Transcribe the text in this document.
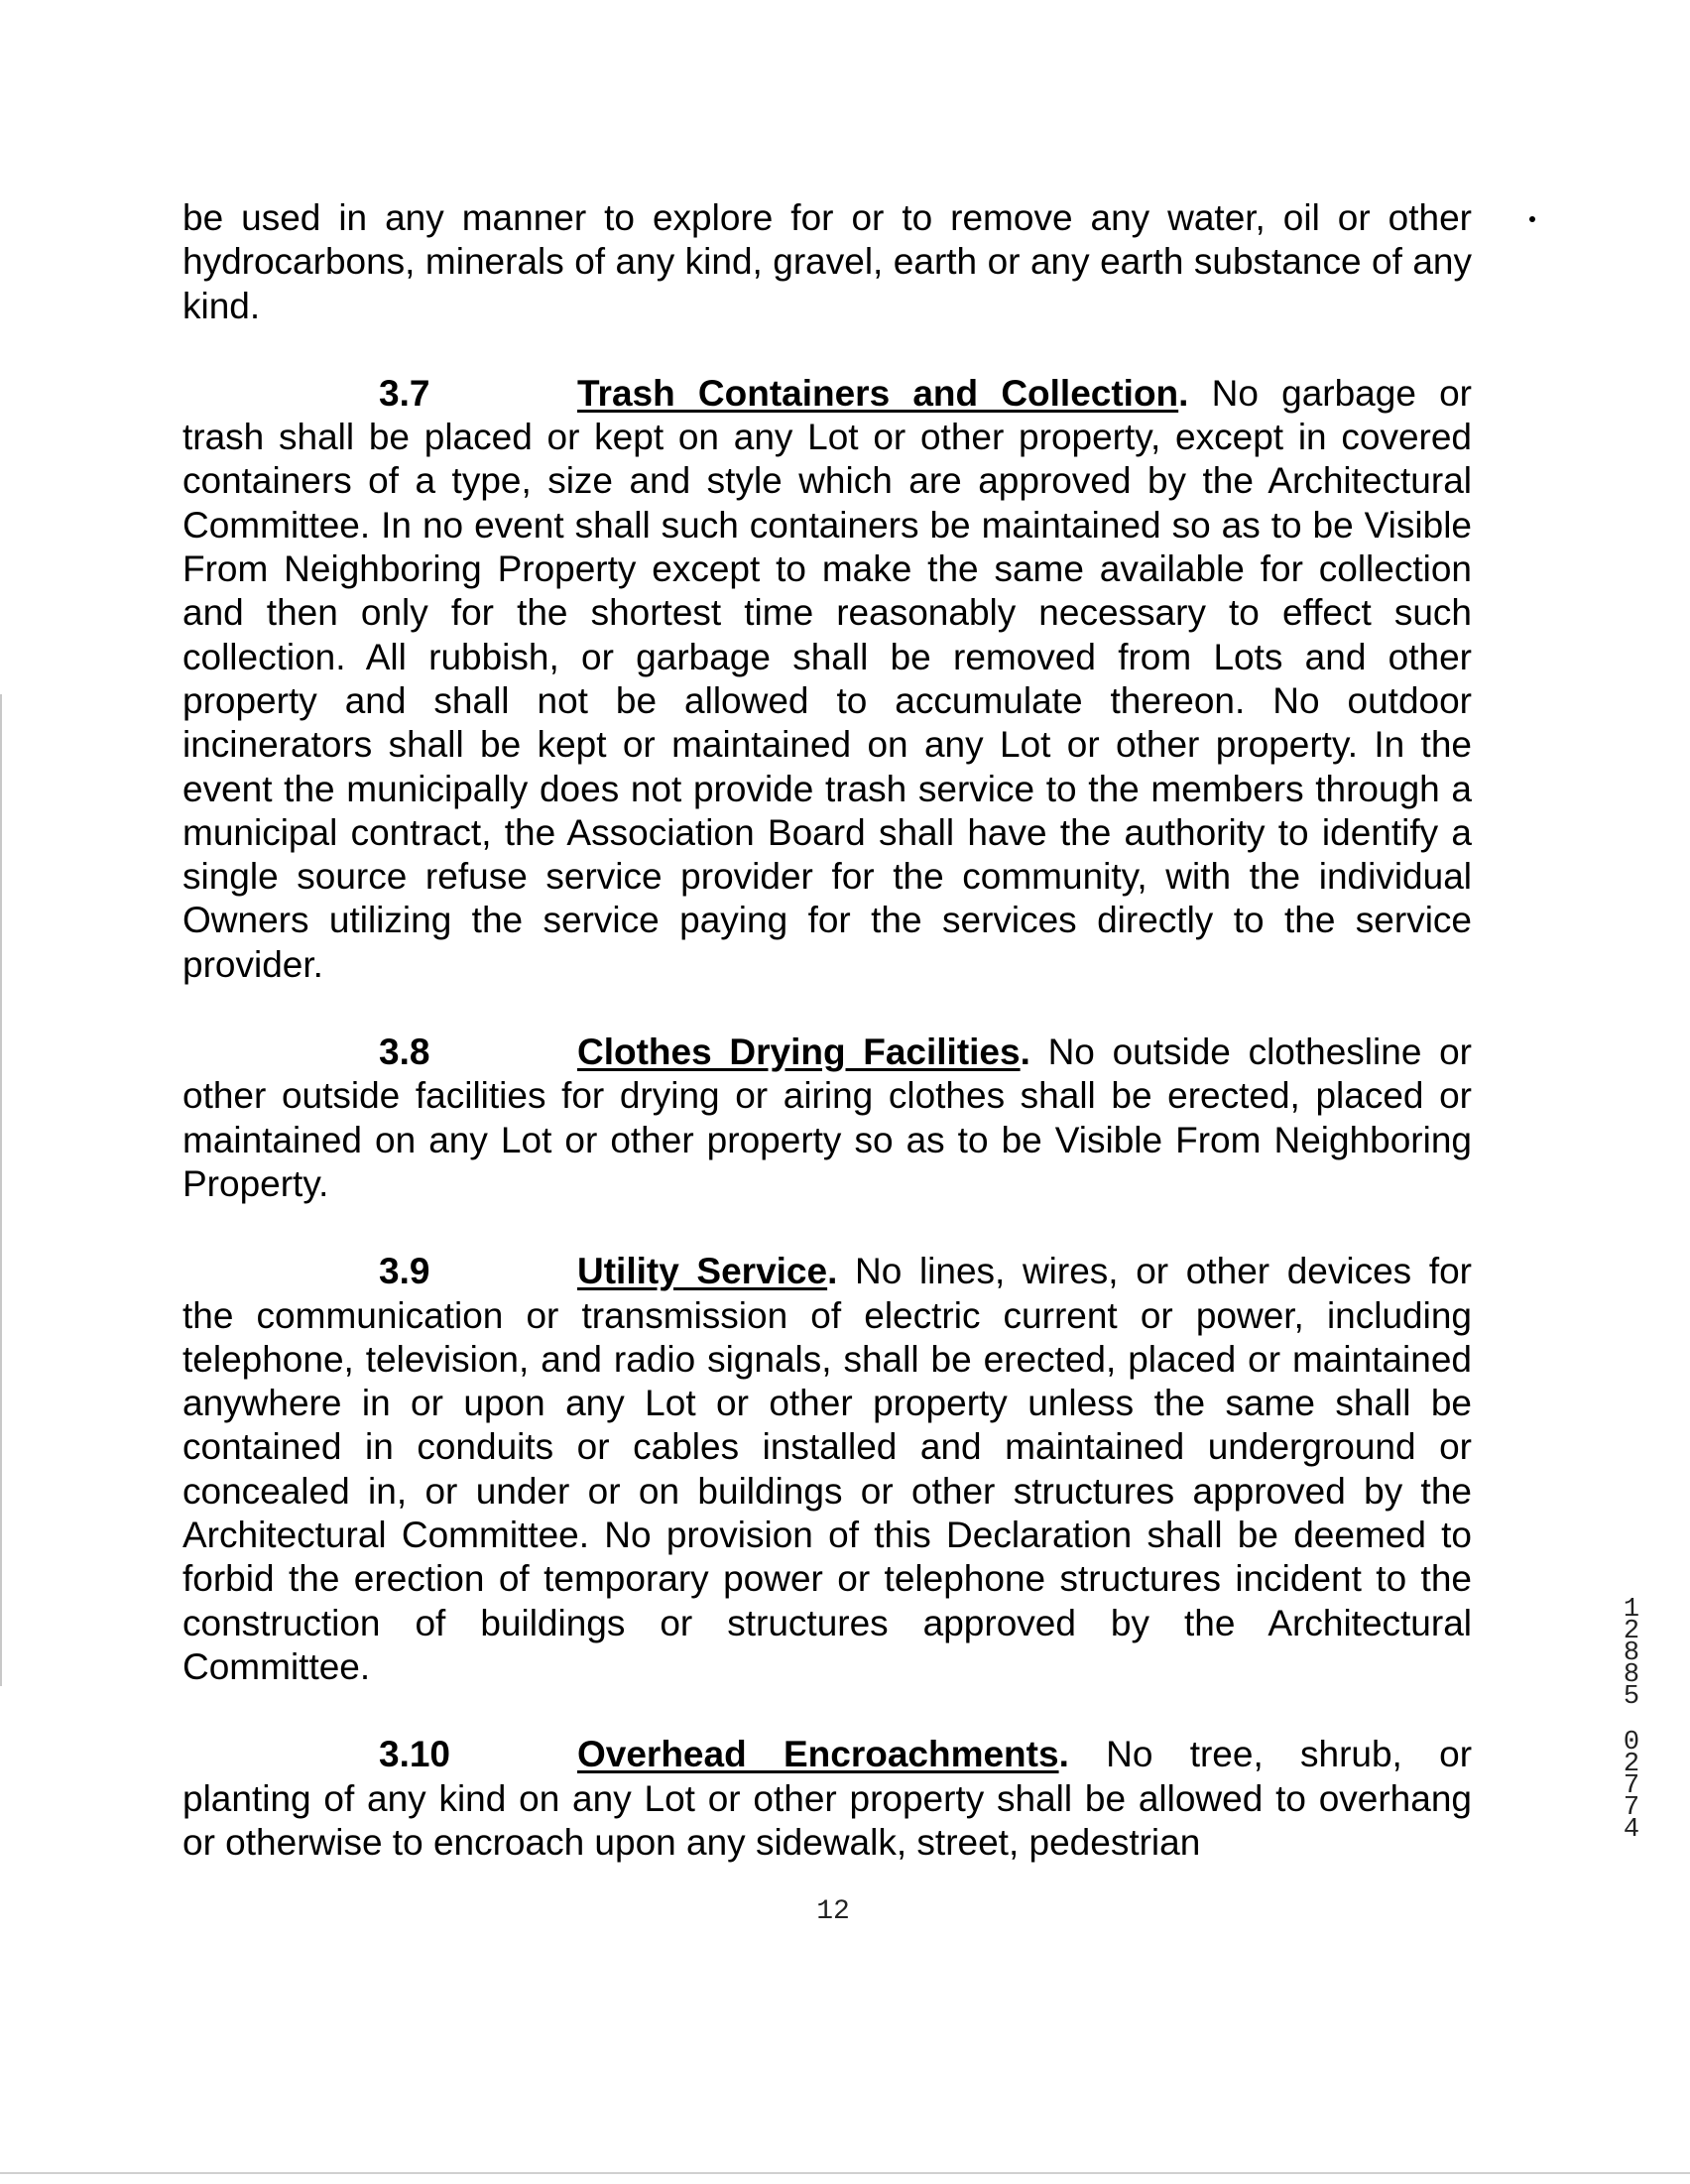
be used in any manner to explore for or to remove any water, oil or other hydrocarbons, minerals of any kind, gravel, earth or any earth substance of any kind.

3.7	Trash Containers and Collection. No garbage or trash shall be placed or kept on any Lot or other property, except in covered containers of a type, size and style which are approved by the Architectural Committee. In no event shall such containers be maintained so as to be Visible From Neighboring Property except to make the same available for collection and then only for the shortest time reasonably necessary to effect such collection. All rubbish, or garbage shall be removed from Lots and other property and shall not be allowed to accumulate thereon. No outdoor incinerators shall be kept or maintained on any Lot or other property. In the event the municipally does not provide trash service to the members through a municipal contract, the Association Board shall have the authority to identify a single source refuse service provider for the community, with the individual Owners utilizing the service paying for the services directly to the service provider.

3.8	Clothes Drying Facilities. No outside clothesline or other outside facilities for drying or airing clothes shall be erected, placed or maintained on any Lot or other property so as to be Visible From Neighboring Property.

3.9	Utility Service. No lines, wires, or other devices for the communication or transmission of electric current or power, including telephone, television, and radio signals, shall be erected, placed or maintained anywhere in or upon any Lot or other property unless the same shall be contained in conduits or cables installed and maintained underground or concealed in, or under or on buildings or other structures approved by the Architectural Committee. No provision of this Declaration shall be deemed to forbid the erection of temporary power or telephone structures incident to the construction of buildings or structures approved by the Architectural Committee.

3.10	Overhead Encroachments. No tree, shrub, or planting of any kind on any Lot or other property shall be allowed to overhang or otherwise to encroach upon any sidewalk, street, pedestrian

12
1
2
8
8
5
0
2
7
7
4
